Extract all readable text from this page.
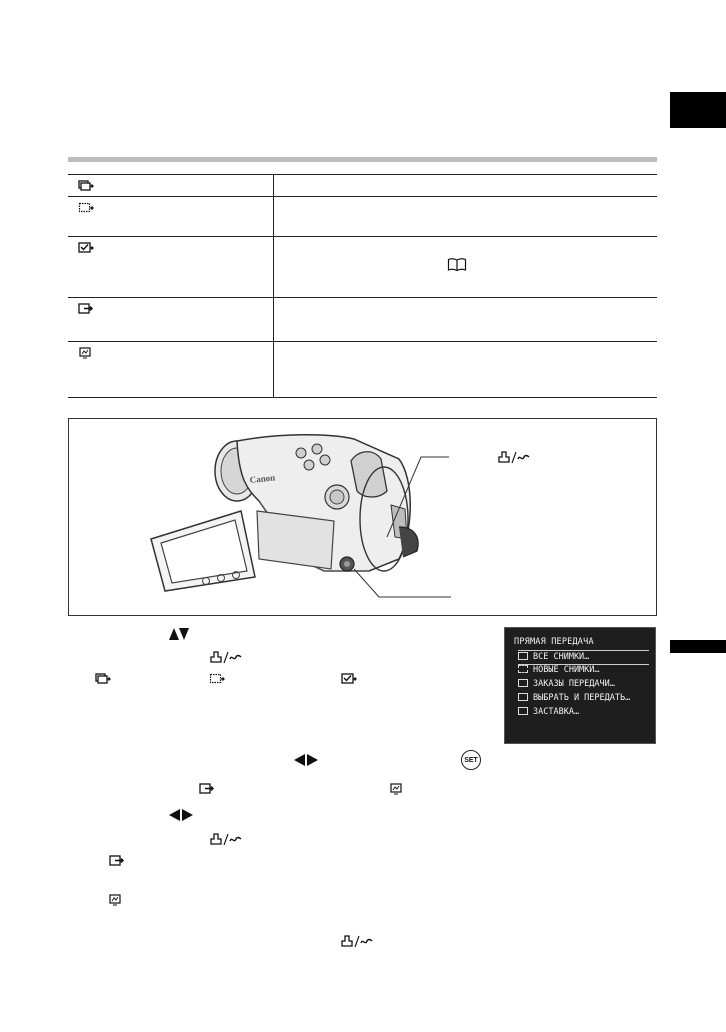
Canon
ПРЯМАЯ ПЕРЕДАЧА
ВСЕ СНИМКИ…
НОВЫЕ СНИМКИ…
ЗАКАЗЫ ПЕРЕДАЧИ…
ВЫБРАТЬ И ПЕРЕДАТЬ…
ЗАСТАВКА…
SET
